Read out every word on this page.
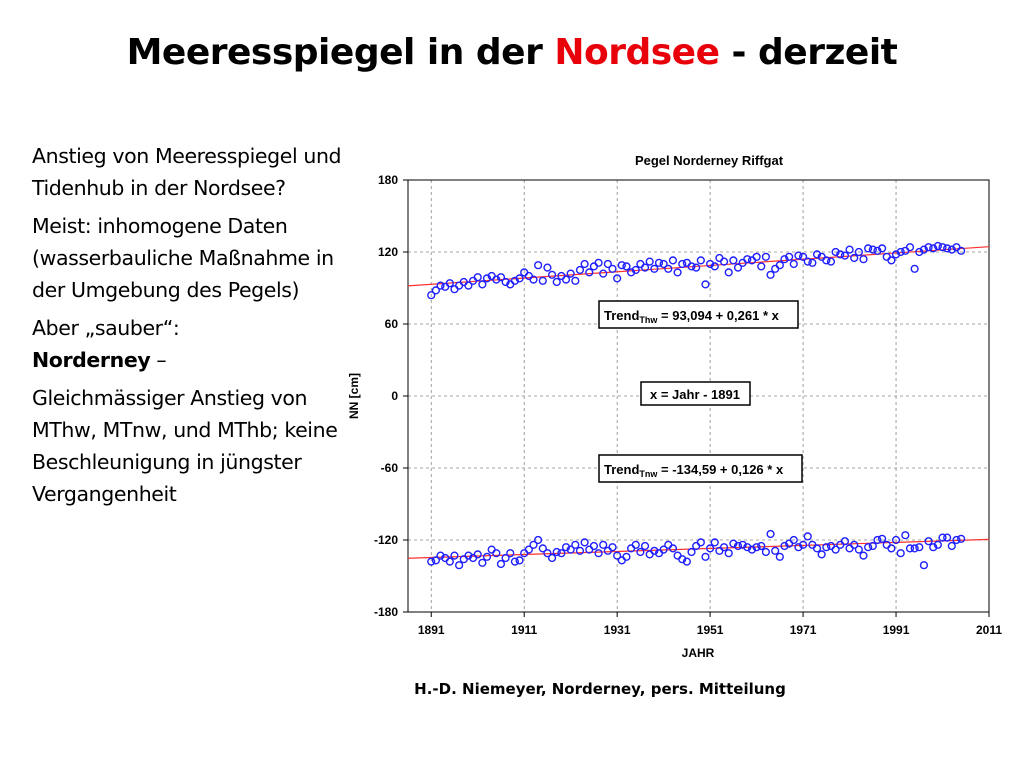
Meeresspiegel in der Nordsee - derzeit

Anstieg von Meeresspiegel und Tidenhub in der Nordsee?

Meist: inhomogene Daten (wasserbauliche Maßnahme in der Umgebung des Pegels)

Aber „sauber“:
Norderney –

Gleichmässiger Anstieg von MThw, MTnw, und MThb; keine Beschleunigung in jüngster Vergangenheit

Pegel Norderney Riffgat
1891	1911	1931	1951	1971	1991	2011
180
120
60
0
-60
-120
-180
JAHR
NN [cm]
Trend$_{Thw}$ = 93,094 + 0,261 * x
x = Jahr - 1891
Trend$_{Tnw}$ = -134,59 + 0,126 * x
H.-D. Niemeyer, Norderney, pers. Mitteilung
